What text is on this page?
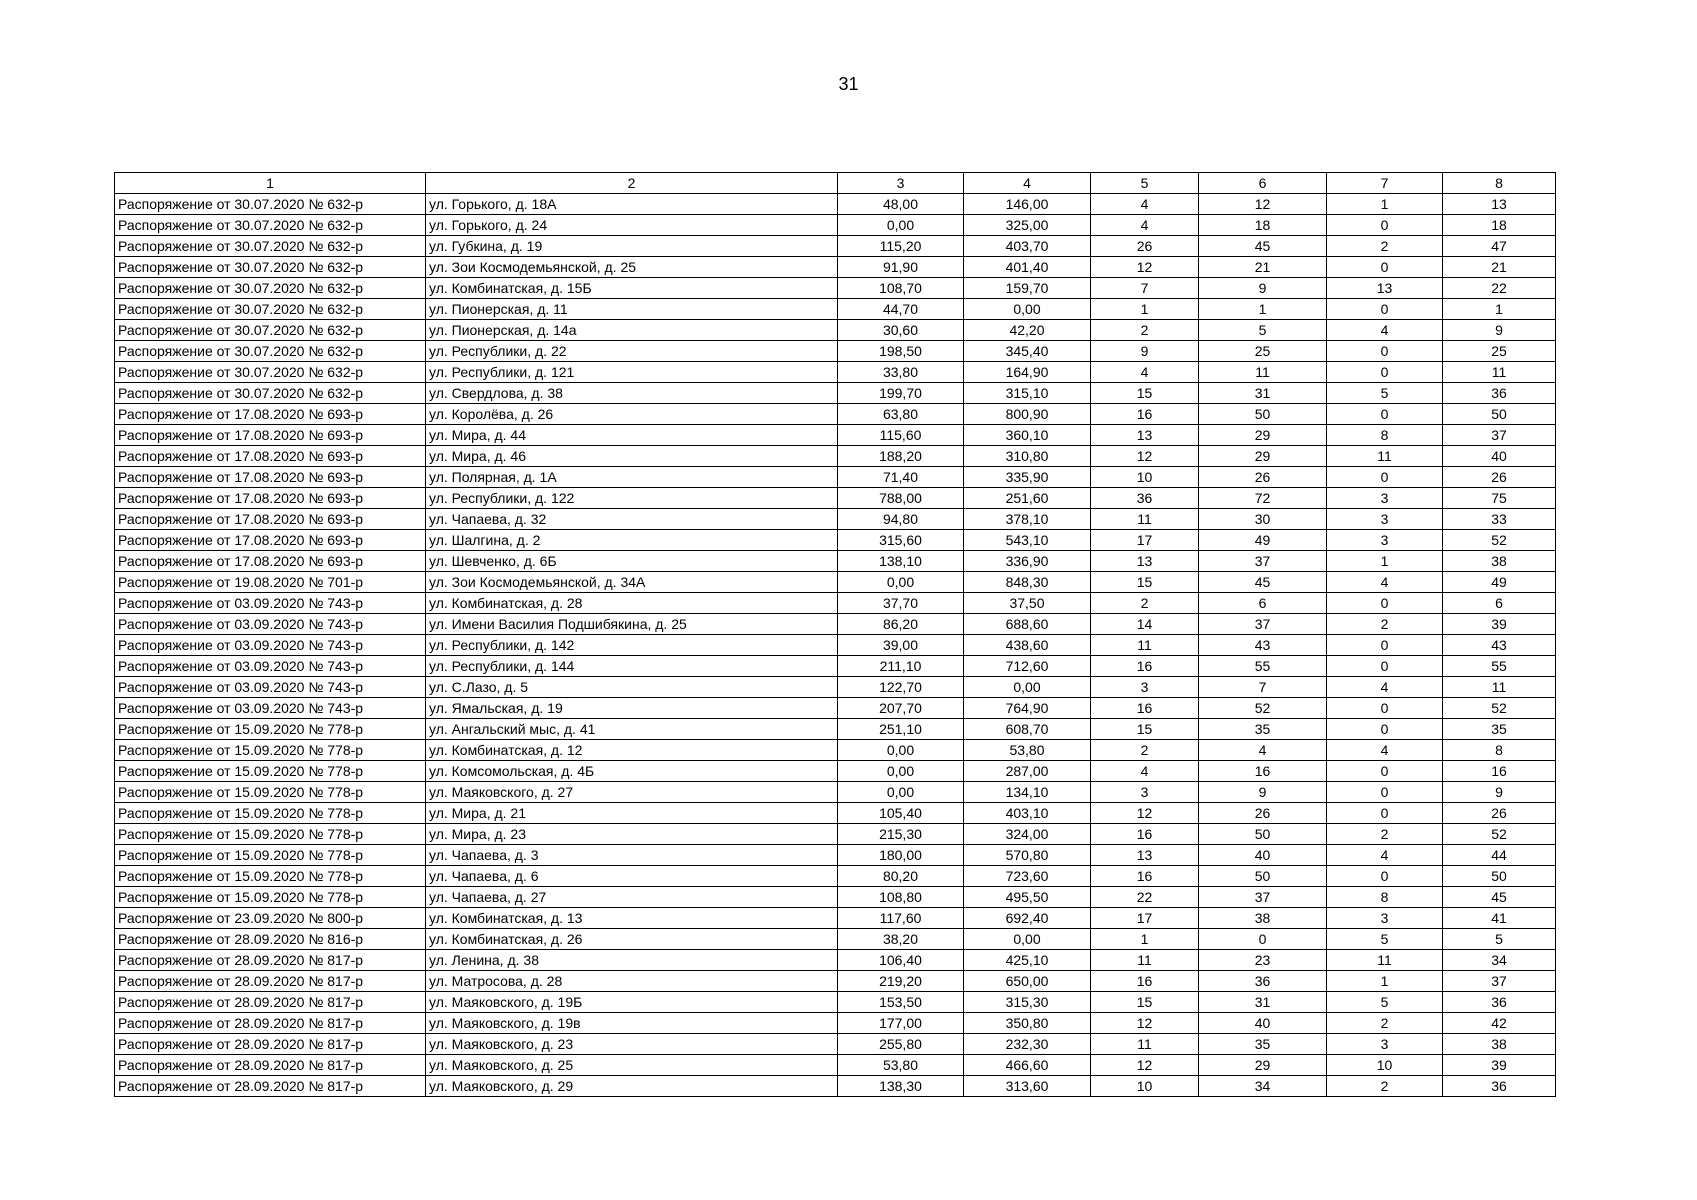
31
1	2	3	4	5	6	7	8
Распоряжение от 30.07.2020 № 632-р	ул. Горького, д. 18А	48,00	146,00	4	12	1	13
Распоряжение от 30.07.2020 № 632-р	ул. Горького, д. 24	0,00	325,00	4	18	0	18
Распоряжение от 30.07.2020 № 632-р	ул. Губкина, д. 19	115,20	403,70	26	45	2	47
Распоряжение от 30.07.2020 № 632-р	ул. Зои Космодемьянской, д. 25	91,90	401,40	12	21	0	21
Распоряжение от 30.07.2020 № 632-р	ул. Комбинатская, д. 15Б	108,70	159,70	7	9	13	22
Распоряжение от 30.07.2020 № 632-р	ул. Пионерская, д. 11	44,70	0,00	1	1	0	1
Распоряжение от 30.07.2020 № 632-р	ул. Пионерская, д. 14а	30,60	42,20	2	5	4	9
Распоряжение от 30.07.2020 № 632-р	ул. Республики, д. 22	198,50	345,40	9	25	0	25
Распоряжение от 30.07.2020 № 632-р	ул. Республики, д. 121	33,80	164,90	4	11	0	11
Распоряжение от 30.07.2020 № 632-р	ул. Свердлова, д. 38	199,70	315,10	15	31	5	36
Распоряжение от 17.08.2020 № 693-р	ул. Королёва, д. 26	63,80	800,90	16	50	0	50
Распоряжение от 17.08.2020 № 693-р	ул. Мира, д. 44	115,60	360,10	13	29	8	37
Распоряжение от 17.08.2020 № 693-р	ул. Мира, д. 46	188,20	310,80	12	29	11	40
Распоряжение от 17.08.2020 № 693-р	ул. Полярная, д. 1А	71,40	335,90	10	26	0	26
Распоряжение от 17.08.2020 № 693-р	ул. Республики, д. 122	788,00	251,60	36	72	3	75
Распоряжение от 17.08.2020 № 693-р	ул. Чапаева, д. 32	94,80	378,10	11	30	3	33
Распоряжение от 17.08.2020 № 693-р	ул. Шалгина, д. 2	315,60	543,10	17	49	3	52
Распоряжение от 17.08.2020 № 693-р	ул. Шевченко, д. 6Б	138,10	336,90	13	37	1	38
Распоряжение от 19.08.2020 № 701-р	ул. Зои Космодемьянской, д. 34А	0,00	848,30	15	45	4	49
Распоряжение от 03.09.2020 № 743-р	ул. Комбинатская, д. 28	37,70	37,50	2	6	0	6
Распоряжение от 03.09.2020 № 743-р	ул. Имени Василия Подшибякина, д. 25	86,20	688,60	14	37	2	39
Распоряжение от 03.09.2020 № 743-р	ул. Республики, д. 142	39,00	438,60	11	43	0	43
Распоряжение от 03.09.2020 № 743-р	ул. Республики, д. 144	211,10	712,60	16	55	0	55
Распоряжение от 03.09.2020 № 743-р	ул. С.Лазо, д. 5	122,70	0,00	3	7	4	11
Распоряжение от 03.09.2020 № 743-р	ул. Ямальская, д. 19	207,70	764,90	16	52	0	52
Распоряжение от 15.09.2020 № 778-р	ул. Ангальский мыс, д. 41	251,10	608,70	15	35	0	35
Распоряжение от 15.09.2020 № 778-р	ул. Комбинатская, д. 12	0,00	53,80	2	4	4	8
Распоряжение от 15.09.2020 № 778-р	ул. Комсомольская, д. 4Б	0,00	287,00	4	16	0	16
Распоряжение от 15.09.2020 № 778-р	ул. Маяковского, д. 27	0,00	134,10	3	9	0	9
Распоряжение от 15.09.2020 № 778-р	ул. Мира, д. 21	105,40	403,10	12	26	0	26
Распоряжение от 15.09.2020 № 778-р	ул. Мира, д. 23	215,30	324,00	16	50	2	52
Распоряжение от 15.09.2020 № 778-р	ул. Чапаева, д. 3	180,00	570,80	13	40	4	44
Распоряжение от 15.09.2020 № 778-р	ул. Чапаева, д. 6	80,20	723,60	16	50	0	50
Распоряжение от 15.09.2020 № 778-р	ул. Чапаева, д. 27	108,80	495,50	22	37	8	45
Распоряжение от 23.09.2020 № 800-р	ул. Комбинатская, д. 13	117,60	692,40	17	38	3	41
Распоряжение от 28.09.2020 № 816-р	ул. Комбинатская, д. 26	38,20	0,00	1	0	5	5
Распоряжение от 28.09.2020 № 817-р	ул. Ленина, д. 38	106,40	425,10	11	23	11	34
Распоряжение от 28.09.2020 № 817-р	ул. Матросова, д. 28	219,20	650,00	16	36	1	37
Распоряжение от 28.09.2020 № 817-р	ул. Маяковского, д. 19Б	153,50	315,30	15	31	5	36
Распоряжение от 28.09.2020 № 817-р	ул. Маяковского, д. 19в	177,00	350,80	12	40	2	42
Распоряжение от 28.09.2020 № 817-р	ул. Маяковского, д. 23	255,80	232,30	11	35	3	38
Распоряжение от 28.09.2020 № 817-р	ул. Маяковского, д. 25	53,80	466,60	12	29	10	39
Распоряжение от 28.09.2020 № 817-р	ул. Маяковского, д. 29	138,30	313,60	10	34	2	36
